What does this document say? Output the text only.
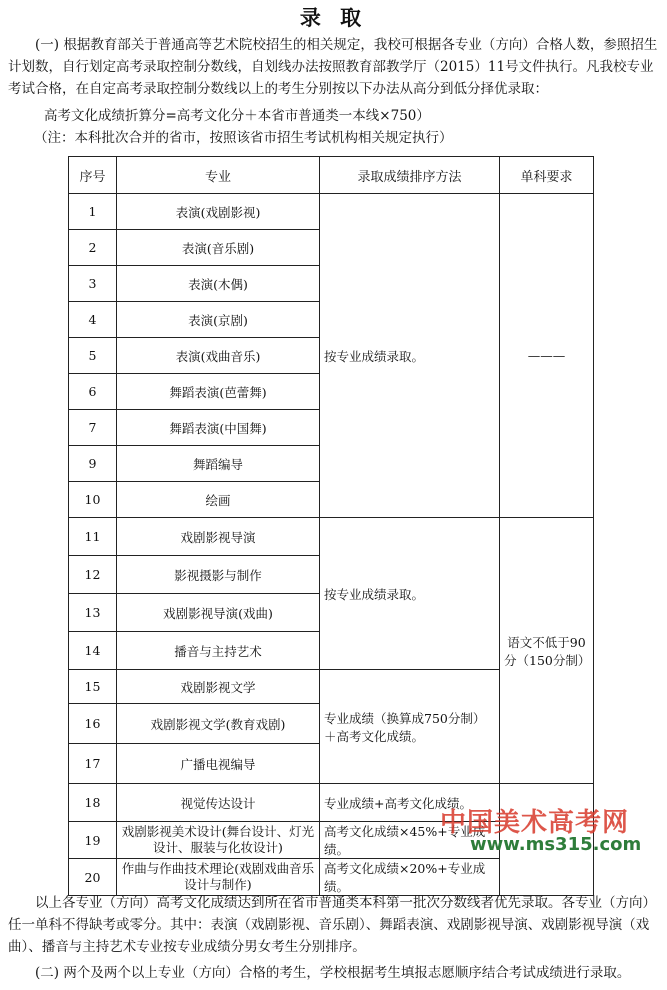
录 取
(一) 根据教育部关于普通高等艺术院校招生的相关规定，我校可根据各专业（方向）合格人数，参照招生计划数，自行划定高考录取控制分数线，自划线办法按照教育部教学厅（2015）11号文件执行。凡我校专业考试合格，在自定高考录取控制分数线以上的考生分别按以下办法从高分到低分择优录取：
高考文化成绩折算分=高考文化分＋本省市普通类一本线×750）
（注：本科批次合并的省市，按照该省市招生考试机构相关规定执行）
序号	专业	录取成绩排序方法	单科要求
1	表演(戏剧影视)	按专业成绩录取。	———
2	表演(音乐剧)		
3	表演(木偶)		
4	表演(京剧)		
5	表演(戏曲音乐)		
6	舞蹈表演(芭蕾舞)		
7	舞蹈表演(中国舞)		
9	舞蹈编导		
10	绘画		
11	戏剧影视导演	按专业成绩录取。	语文不低于90分（150分制）
12	影视摄影与制作		
13	戏剧影视导演(戏曲)		
14	播音与主持艺术		
15	戏剧影视文学	专业成绩（换算成750分制）＋高考文化成绩。	
16	戏剧影视文学(教育戏剧)		
17	广播电视编导		
18	视觉传达设计	专业成绩+高考文化成绩。	
19	戏剧影视美术设计(舞台设计、灯光设计、服装与化妆设计)	高考文化成绩×45%+专业成绩。	
20	作曲与作曲技术理论(戏剧戏曲音乐设计与制作)	高考文化成绩×20%+专业成绩。	
中国美术高考网
www.ms315.com
以上各专业（方向）高考文化成绩达到所在省市普通类本科第一批次分数线者优先录取。各专业（方向）任一单科不得缺考或零分。其中：表演（戏剧影视、音乐剧）、舞蹈表演、戏剧影视导演、戏剧影视导演（戏曲）、播音与主持艺术专业按专业成绩分男女考生分别排序。
(二) 两个及两个以上专业（方向）合格的考生，学校根据考生填报志愿顺序结合考试成绩进行录取。
